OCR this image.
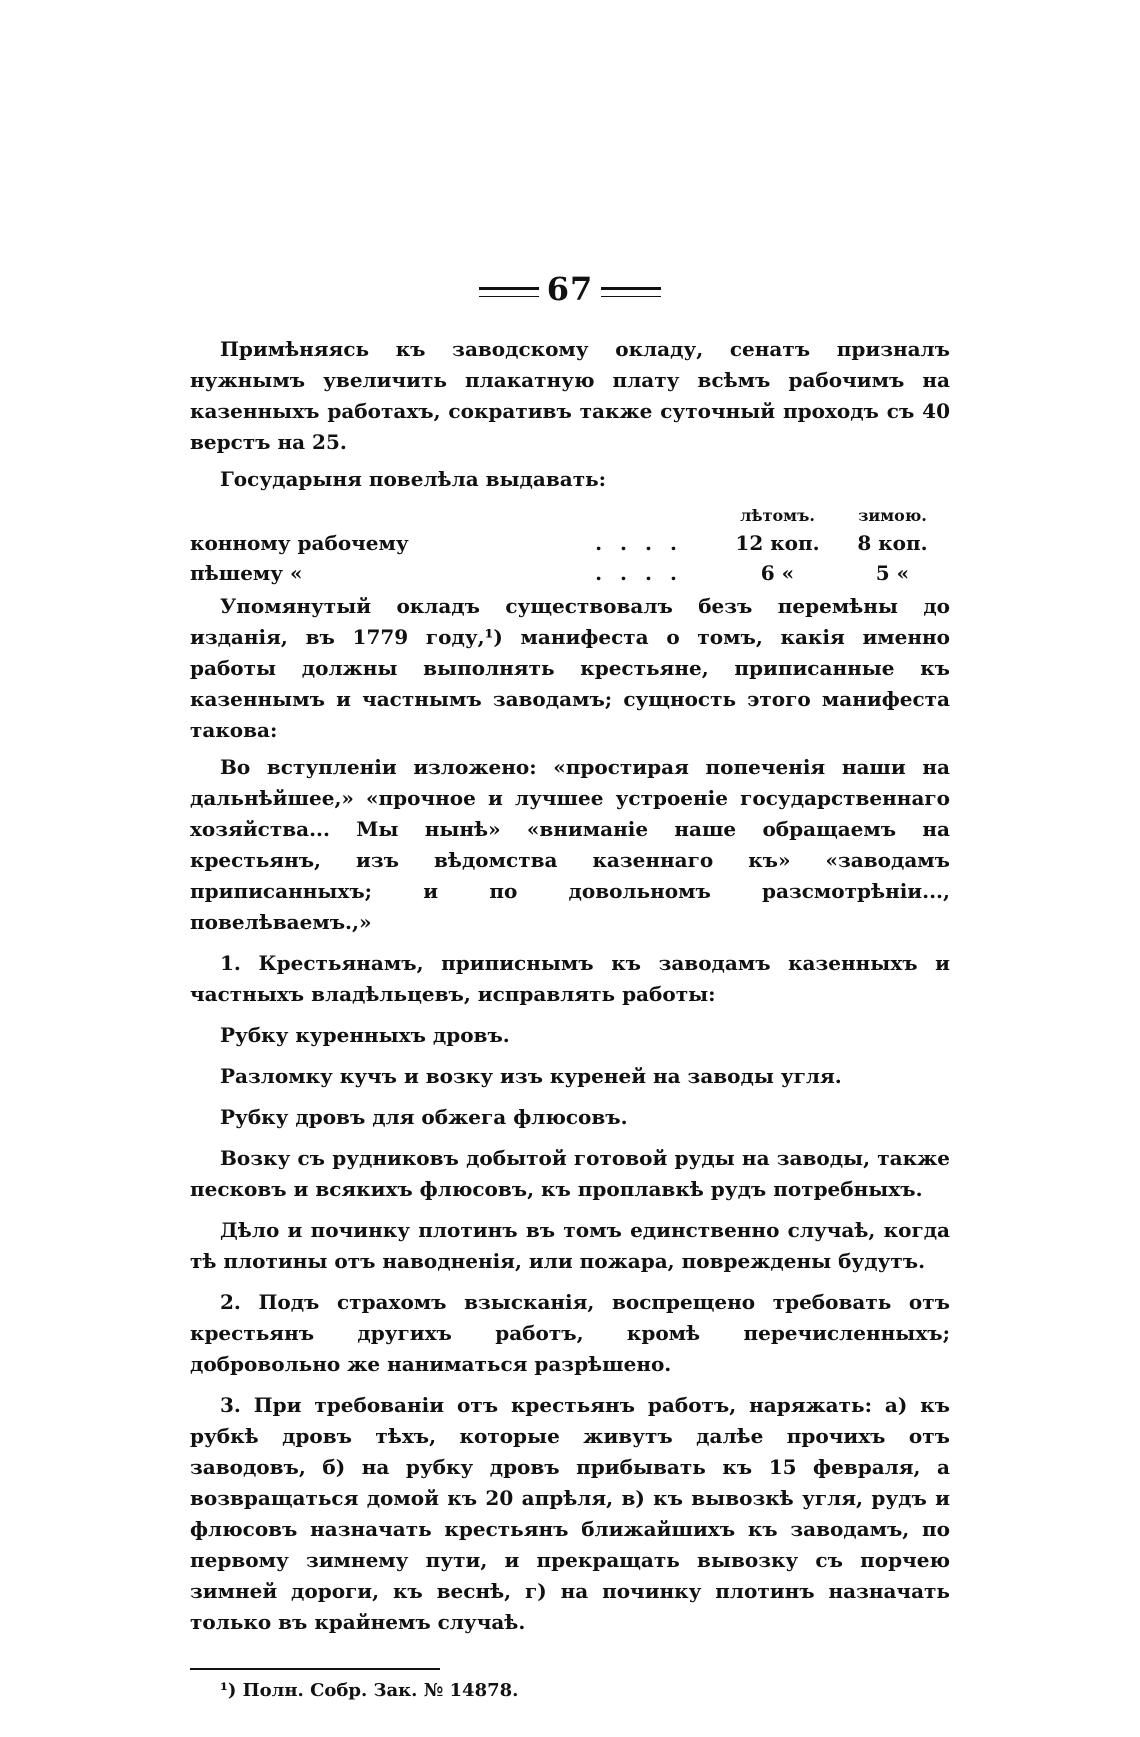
67

Примѣняясь къ заводскому окладу, сенатъ призналъ нужнымъ увеличить плакатную плату всѣмъ рабочимъ на казенныхъ работахъ, сокративъ также суточный проходъ съ 40 верстъ на 25.

Государыня повелѣла выдавать:

		лѣтомъ.	зимою.
конному рабочему	....	12 коп.	8 коп.
пѣшему «	....	6 «	5 «

Упомянутый окладъ существовалъ безъ перемѣны до изданія, въ 1779 году,¹) манифеста о томъ, какія именно работы должны выполнять крестьяне, приписанные къ казеннымъ и частнымъ заводамъ; сущность этого манифеста такова:

Во вступленіи изложено: «простирая попеченія наши на дальнѣйшее,» «прочное и лучшее устроеніе государственнаго хозяйства... Мы нынѣ» «вниманіе наше обращаемъ на крестьянъ, изъ вѣдомства казеннаго къ» «заводамъ приписанныхъ; и по довольномъ разсмотрѣніи..., повелѣваемъ.,»

1. Крестьянамъ, приписнымъ къ заводамъ казенныхъ и частныхъ владѣльцевъ, исправлять работы:

Рубку куренныхъ дровъ.

Разломку кучъ и возку изъ куреней на заводы угля.

Рубку дровъ для обжега флюсовъ.

Возку съ рудниковъ добытой готовой руды на заводы, также песковъ и всякихъ флюсовъ, къ проплавкѣ рудъ потребныхъ.

Дѣло и починку плотинъ въ томъ единственно случаѣ, когда тѣ плотины отъ наводненія, или пожара, повреждены будутъ.

2. Подъ страхомъ взысканія, воспрещено требовать отъ крестьянъ другихъ работъ, кромѣ перечисленныхъ; добровольно же наниматься разрѣшено.

3. При требованіи отъ крестьянъ работъ, наряжать: а) къ рубкѣ дровъ тѣхъ, которые живутъ далѣе прочихъ отъ заводовъ, б) на рубку дровъ прибывать къ 15 февраля, а возвращаться домой къ 20 апрѣля, в) къ вывозкѣ угля, рудъ и флюсовъ назначать крестьянъ ближайшихъ къ заводамъ, по первому зимнему пути, и прекращать вывозку съ порчею зимней дороги, къ веснѣ, г) на починку плотинъ назначать только въ крайнемъ случаѣ.

¹) Полн. Собр. Зак. № 14878.
